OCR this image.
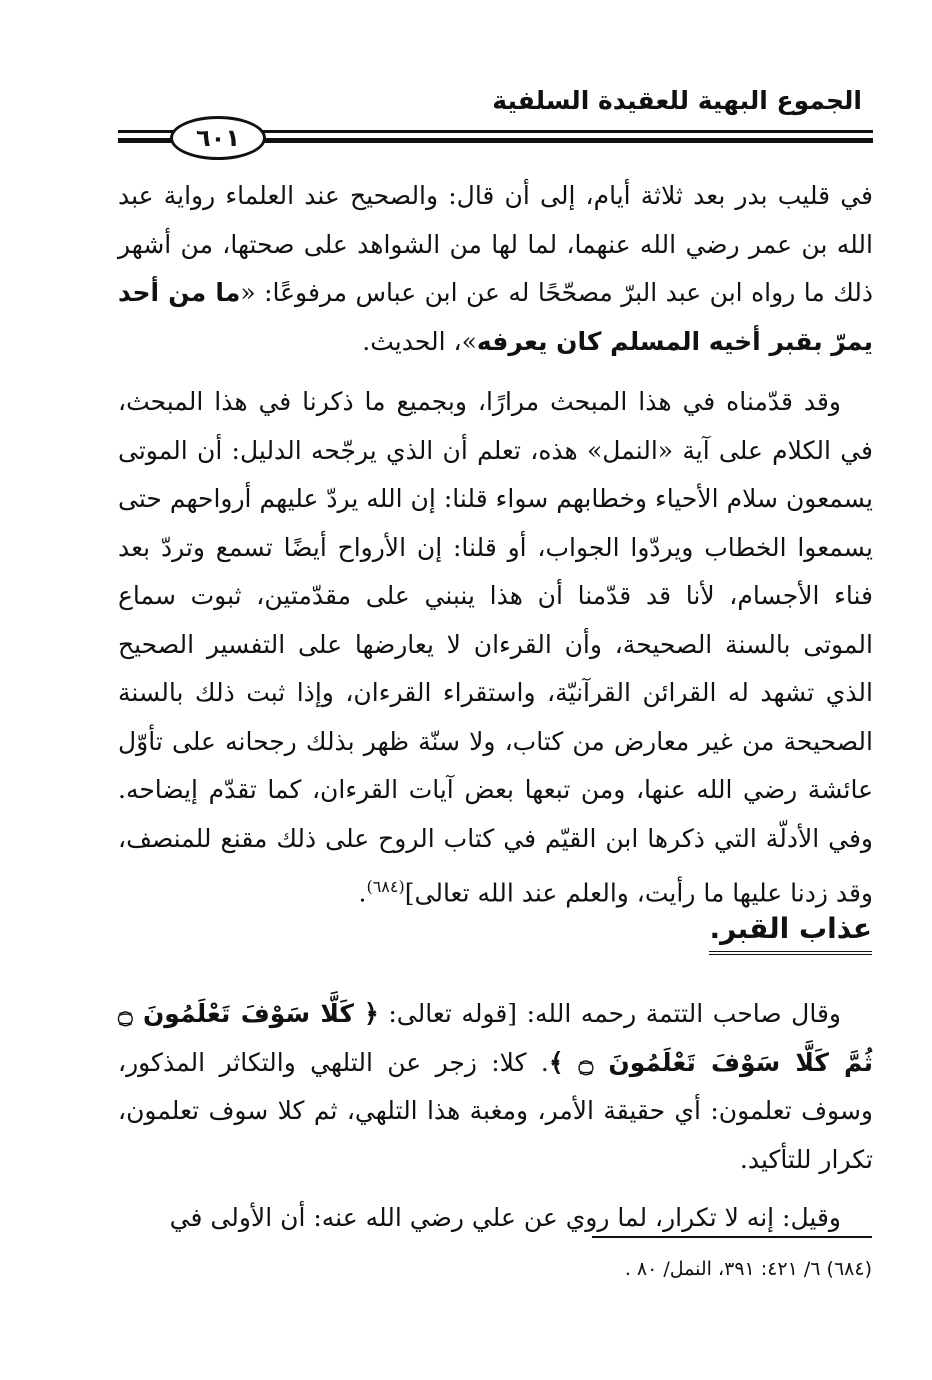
الجموع البهية للعقيدة السلفية
٦٠١

في قليب بدر بعد ثلاثة أيام، إلى أن قال: والصحيح عند العلماء رواية عبد الله بن عمر رضي الله عنهما، لما لها من الشواهد على صحتها، من أشهر ذلك ما رواه ابن عبد البرّ مصحّحًا له عن ابن عباس مرفوعًا: «ما من أحد يمرّ بقبر أخيه المسلم كان يعرفه»، الحديث.

وقد قدّمناه في هذا المبحث مرارًا، وبجميع ما ذكرنا في هذا المبحث، في الكلام على آية «النمل» هذه، تعلم أن الذي يرجّحه الدليل: أن الموتى يسمعون سلام الأحياء وخطابهم سواء قلنا: إن الله يردّ عليهم أرواحهم حتى يسمعوا الخطاب ويردّوا الجواب، أو قلنا: إن الأرواح أيضًا تسمع وتردّ بعد فناء الأجسام، لأنا قد قدّمنا أن هذا ينبني على مقدّمتين، ثبوت سماع الموتى بالسنة الصحيحة، وأن القرءان لا يعارضها على التفسير الصحيح الذي تشهد له القرائن القرآنيّة، واستقراء القرءان، وإذا ثبت ذلك بالسنة الصحيحة من غير معارض من كتاب، ولا سنّة ظهر بذلك رجحانه على تأوّل عائشة رضي الله عنها، ومن تبعها بعض آيات القرءان، كما تقدّم إيضاحه. وفي الأدلّة التي ذكرها ابن القيّم في كتاب الروح على ذلك مقنع للمنصف، وقد زدنا عليها ما رأيت، والعلم عند الله تعالى]$^{(٦٨٤)}$.

عذاب القبر.

وقال صاحب التتمة رحمه الله: [قوله تعالى: ﴿ كَلَّا سَوْفَ تَعْلَمُونَ ۝ ثُمَّ كَلَّا سَوْفَ تَعْلَمُونَ ۝ ﴾. كلا: زجر عن التلهي والتكاثر المذكور، وسوف تعلمون: أي حقيقة الأمر، ومغبة هذا التلهي، ثم كلا سوف تعلمون، تكرار للتأكيد.

وقيل: إنه لا تكرار، لما روي عن علي رضي الله عنه: أن الأولى في

(٦٨٤) ٦/ ٤٢١: ٣٩١، النمل/ ٨٠ .
